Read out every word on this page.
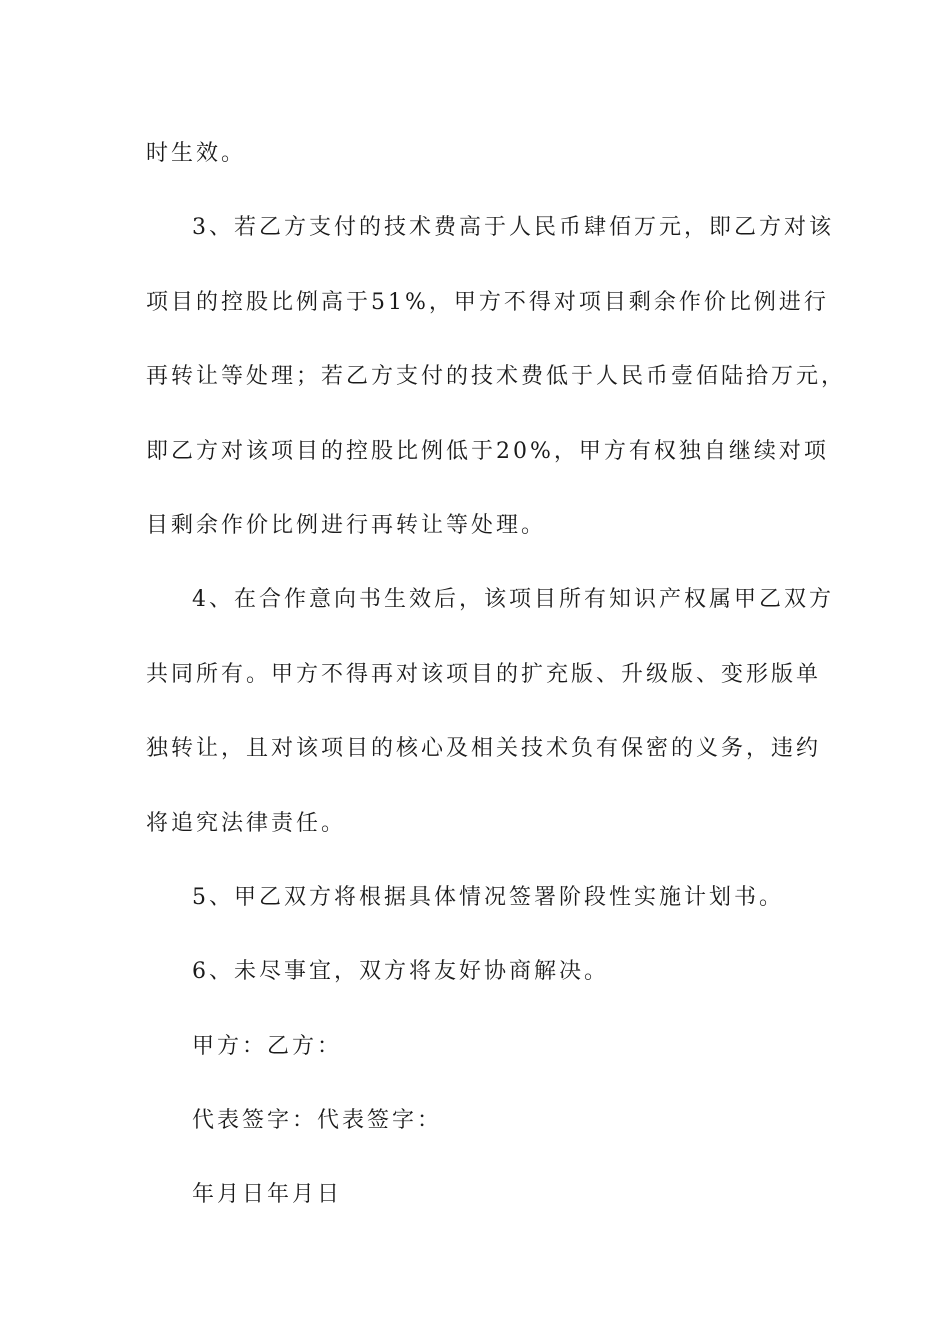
时生效。
3、若乙方支付的技术费高于人民币肆佰万元，即乙方对该
项目的控股比例高于51%，甲方不得对项目剩余作价比例进行
再转让等处理；若乙方支付的技术费低于人民币壹佰陆拾万元，
即乙方对该项目的控股比例低于20%，甲方有权独自继续对项
目剩余作价比例进行再转让等处理。
4、在合作意向书生效后，该项目所有知识产权属甲乙双方
共同所有。甲方不得再对该项目的扩充版、升级版、变形版单
独转让，且对该项目的核心及相关技术负有保密的义务，违约
将追究法律责任。
5、甲乙双方将根据具体情况签署阶段性实施计划书。
6、未尽事宜，双方将友好协商解决。
甲方：乙方：
代表签字：代表签字：
年月日年月日
